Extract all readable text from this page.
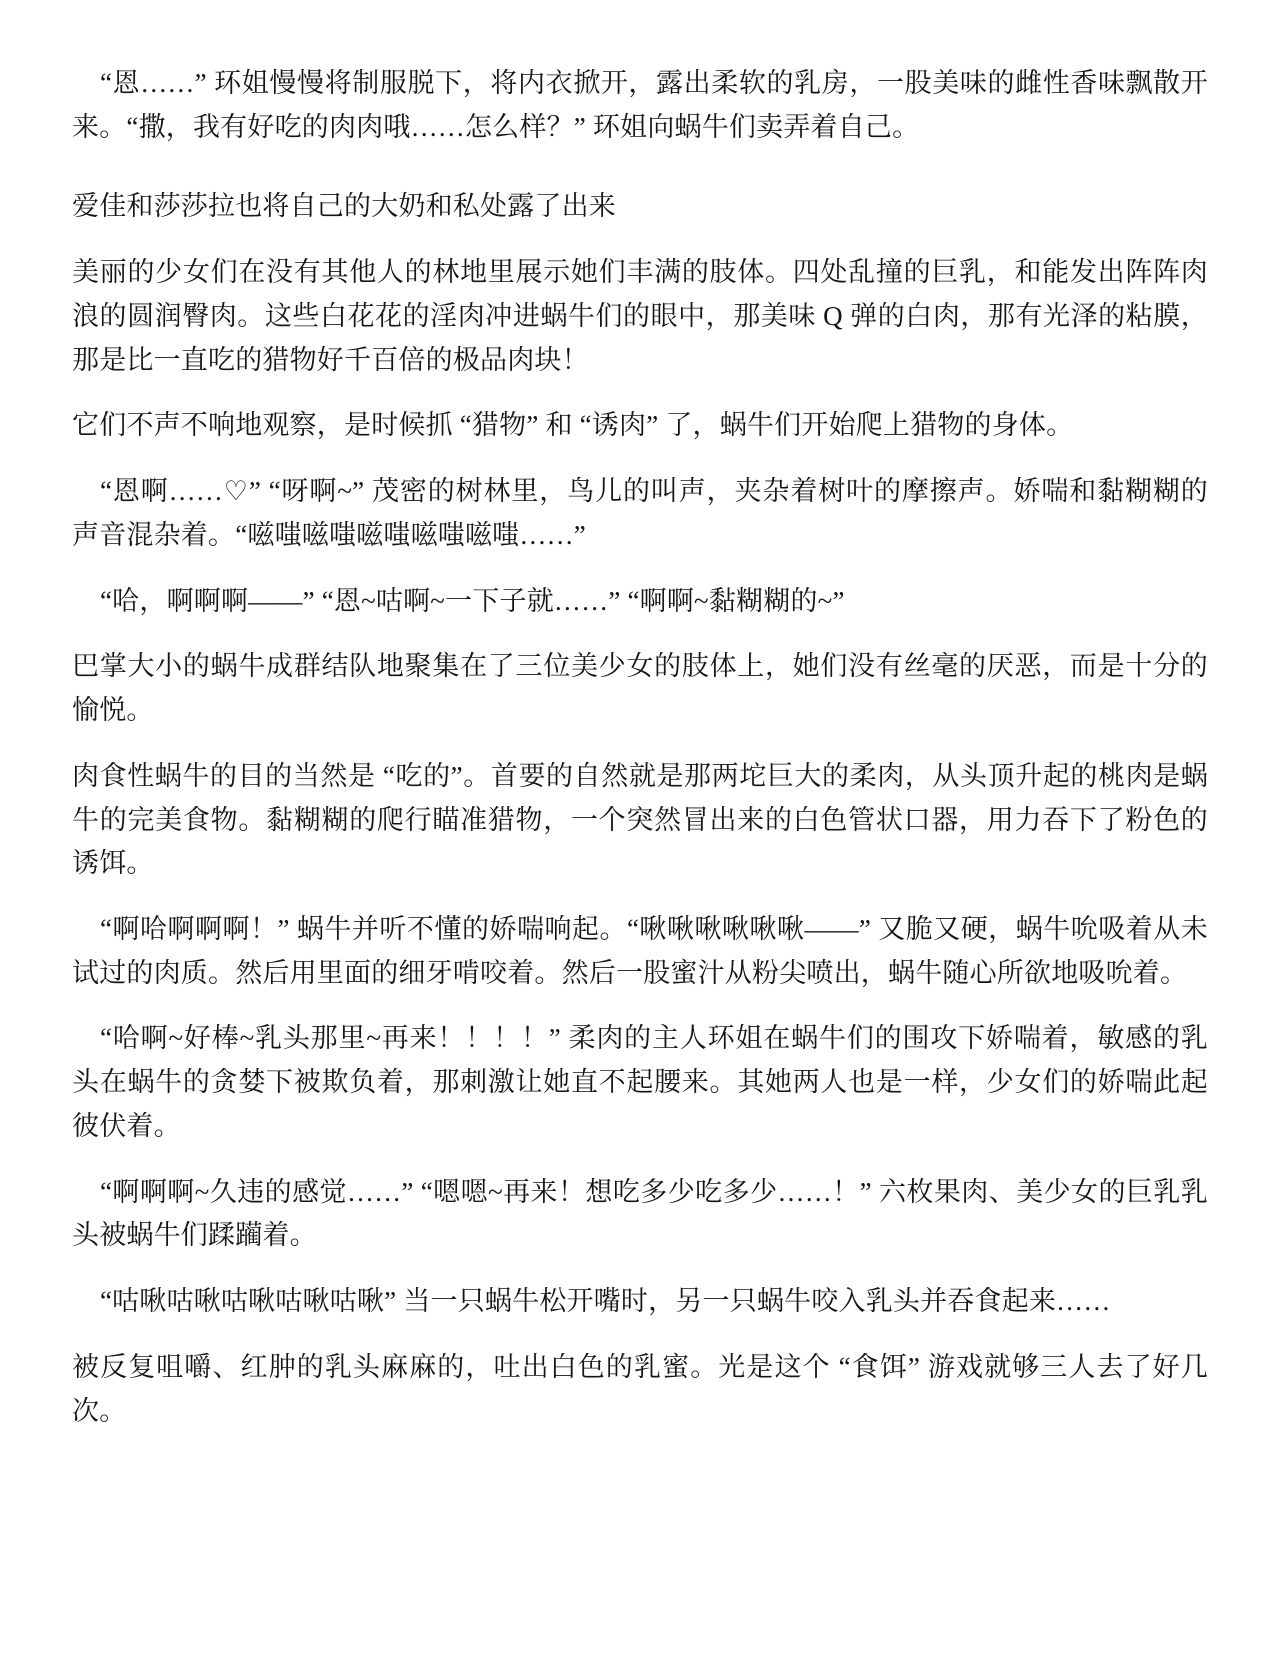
“恩……” 环姐慢慢将制服脱下，将内衣掀开，露出柔软的乳房，一股美味的雌性香味飘散开来。“撒，我有好吃的肉肉哦……怎么样？” 环姐向蜗牛们卖弄着自己。

爱佳和莎莎拉也将自己的大奶和私处露了出来

美丽的少女们在没有其他人的林地里展示她们丰满的肢体。四处乱撞的巨乳，和能发出阵阵肉浪的圆润臀肉。这些白花花的淫肉冲进蜗牛们的眼中，那美味 Q 弹的白肉，那有光泽的粘膜，那是比一直吃的猎物好千百倍的极品肉块！

它们不声不响地观察，是时候抓 “猎物” 和 “诱肉” 了，蜗牛们开始爬上猎物的身体。

“恩啊……♡” “呀啊~” 茂密的树林里，鸟儿的叫声，夹杂着树叶的摩擦声。娇喘和黏糊糊的声音混杂着。“嗞嗤嗞嗤嗞嗤嗞嗤嗞嗤……”

“哈，啊啊啊——” “恩~咕啊~一下子就……” “啊啊~黏糊糊的~”

巴掌大小的蜗牛成群结队地聚集在了三位美少女的肢体上，她们没有丝毫的厌恶，而是十分的愉悦。

肉食性蜗牛的目的当然是 “吃的”。首要的自然就是那两坨巨大的柔肉，从头顶升起的桃肉是蜗牛的完美食物。黏糊糊的爬行瞄准猎物，一个突然冒出来的白色管状口器，用力吞下了粉色的诱饵。

“啊哈啊啊啊！” 蜗牛并听不懂的娇喘响起。“啾啾啾啾啾啾——” 又脆又硬，蜗牛吮吸着从未试过的肉质。然后用里面的细牙啃咬着。然后一股蜜汁从粉尖喷出，蜗牛随心所欲地吸吮着。

“哈啊~好棒~乳头那里~再来！！！！” 柔肉的主人环姐在蜗牛们的围攻下娇喘着，敏感的乳头在蜗牛的贪婪下被欺负着，那刺激让她直不起腰来。其她两人也是一样，少女们的娇喘此起彼伏着。

“啊啊啊~久违的感觉……” “嗯嗯~再来！想吃多少吃多少……！” 六枚果肉、美少女的巨乳乳头被蜗牛们蹂躏着。

“咕啾咕啾咕啾咕啾咕啾” 当一只蜗牛松开嘴时，另一只蜗牛咬入乳头并吞食起来……

被反复咀嚼、红肿的乳头麻麻的，吐出白色的乳蜜。光是这个 “食饵” 游戏就够三人去了好几次。
